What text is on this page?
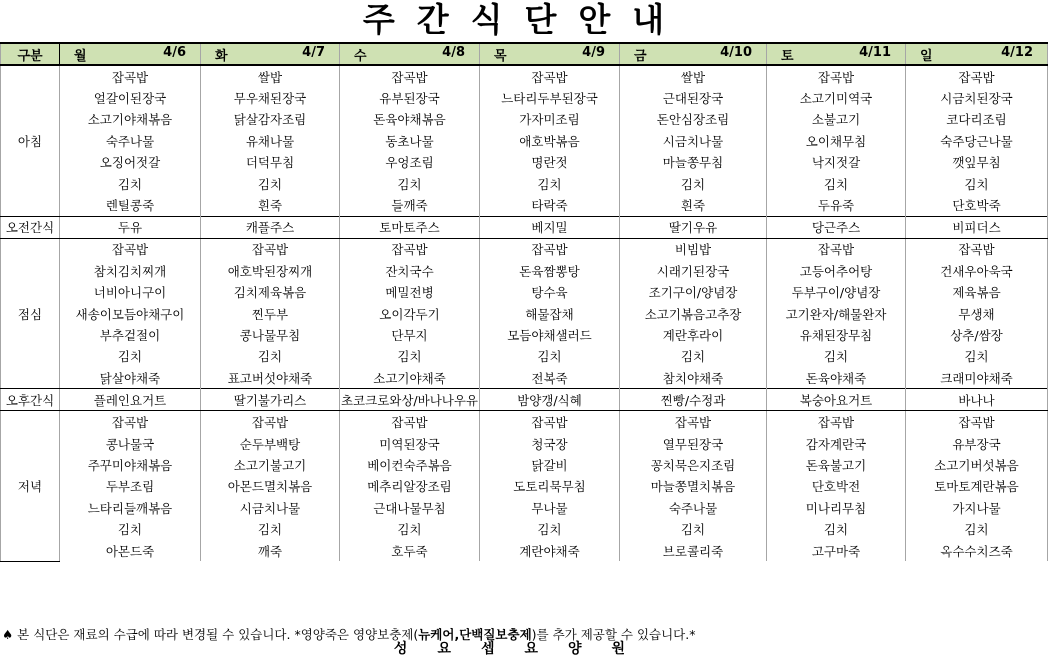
주간식단안내
구분	월 4/6	화 4/7	수 4/8	목 4/9	금 4/10	토 4/11	일 4/12

아침	잡곡밥	쌀밥	잡곡밥	잡곡밥	쌀밥	잡곡밥	잡곡밥
	얼갈이된장국	무우채된장국	유부된장국	느타리두부된장국	근대된장국	소고기미역국	시금치된장국
	소고기야채볶음	닭살감자조림	돈육야채볶음	가자미조림	돈안심장조림	소불고기	코다리조림
	숙주나물	유채나물	동초나물	애호박볶음	시금치나물	오이채무침	숙주당근나물
	오징어젓갈	더덕무침	우엉조림	명란젓	마늘쫑무침	낙지젓갈	깻잎무침
	김치	김치	김치	김치	김치	김치	김치
	렌틸콩죽	흰죽	들깨죽	타락죽	흰죽	두유죽	단호박죽
오전간식	두유	캐플주스	토마토주스	베지밀	딸기우유	당근주스	비피더스
점심	잡곡밥	잡곡밥	잡곡밥	잡곡밥	비빔밥	잡곡밥	잡곡밥
	참치김치찌개	애호박된장찌개	잔치국수	돈육짬뽕탕	시래기된장국	고등어추어탕	건새우아욱국
	너비아니구이	김치제육볶음	메밀전병	탕수육	조기구이/양념장	두부구이/양념장	제육볶음
	새송이모듬야채구이	찐두부	오이각두기	해물잡채	소고기볶음고추장	고기완자/해물완자	무생채
	부추겉절이	콩나물무침	단무지	모듬야채샐러드	계란후라이	유채된장무침	상추/쌈장
	김치	김치	김치	김치	김치	김치	김치
	닭살야채죽	표고버섯야채죽	소고기야채죽	전복죽	참치야채죽	돈육야채죽	크래미야채죽
오후간식	플레인요거트	딸기불가리스	초코크로와상/바나나우유	밤양갱/식혜	찐빵/수정과	복숭아요거트	바나나
저녁	잡곡밥	잡곡밥	잡곡밥	잡곡밥	잡곡밥	잡곡밥	잡곡밥
	콩나물국	순두부백탕	미역된장국	청국장	열무된장국	감자계란국	유부장국
	주꾸미야채볶음	소고기불고기	베이컨숙주볶음	닭갈비	꽁치묵은지조림	돈육불고기	소고기버섯볶음
	두부조림	아몬드멸치볶음	메추리알장조림	도토리묵무침	마늘쫑멸치볶음	단호박전	토마토계란볶음
	느타리들깨볶음	시금치나물	근대나물무침	무나물	숙주나물	미나리무침	가지나물
	김치	김치	김치	김치	김치	김치	김치
	아몬드죽	깨죽	호두죽	계란야채죽	브로콜리죽	고구마죽	옥수수치즈죽
♠ 본 식단은 재료의 수급에 따라 변경될 수 있습니다. *영양죽은 영양보충제(뉴케어,단백질보충제)를 추가 제공할 수 있습니다.*
성요셉요양원
